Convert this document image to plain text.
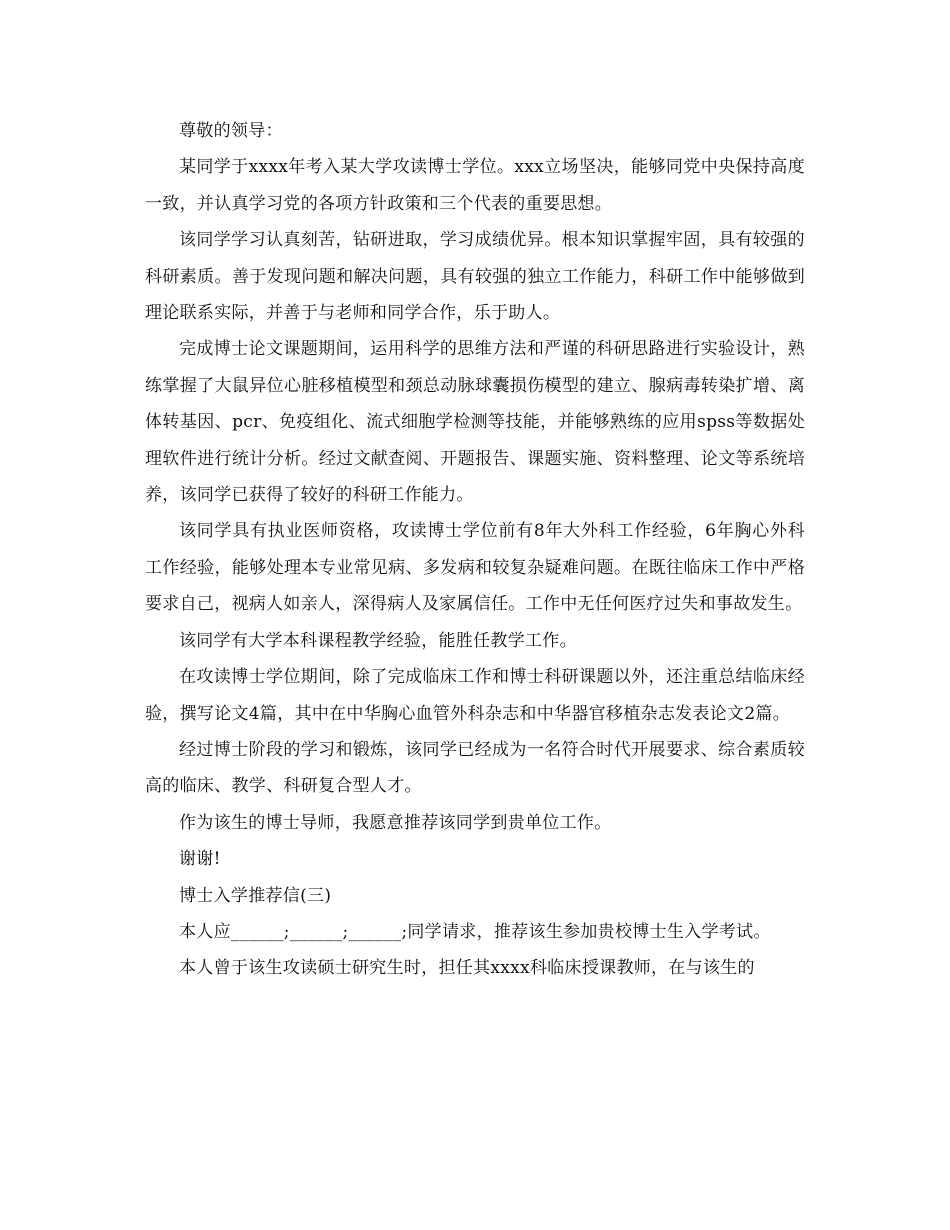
尊敬的领导：

某同学于xxxx年考入某大学攻读博士学位。xxx立场坚决，能够同党中央保持高度一致，并认真学习党的各项方针政策和三个代表的重要思想。

该同学学习认真刻苦，钻研进取，学习成绩优异。根本知识掌握牢固，具有较强的科研素质。善于发现问题和解决问题，具有较强的独立工作能力，科研工作中能够做到理论联系实际，并善于与老师和同学合作，乐于助人。

完成博士论文课题期间，运用科学的思维方法和严谨的科研思路进行实验设计，熟练掌握了大鼠异位心脏移植模型和颈总动脉球囊损伤模型的建立、腺病毒转染扩增、离体转基因、pcr、免疫组化、流式细胞学检测等技能，并能够熟练的应用spss等数据处理软件进行统计分析。经过文献查阅、开题报告、课题实施、资料整理、论文等系统培养，该同学已获得了较好的科研工作能力。

该同学具有执业医师资格，攻读博士学位前有8年大外科工作经验，6年胸心外科工作经验，能够处理本专业常见病、多发病和较复杂疑难问题。在既往临床工作中严格要求自己，视病人如亲人，深得病人及家属信任。工作中无任何医疗过失和事故发生。

该同学有大学本科课程教学经验，能胜任教学工作。

在攻读博士学位期间，除了完成临床工作和博士科研课题以外，还注重总结临床经验，撰写论文4篇，其中在中华胸心血管外科杂志和中华器官移植杂志发表论文2篇。

经过博士阶段的学习和锻炼，该同学已经成为一名符合时代开展要求、综合素质较高的临床、教学、科研复合型人才。

作为该生的博士导师，我愿意推荐该同学到贵单位工作。

谢谢!

博士入学推荐信(三)

本人应______;______;______;同学请求，推荐该生参加贵校博士生入学考试。

本人曾于该生攻读硕士研究生时，担任其xxxx科临床授课教师，在与该生的
